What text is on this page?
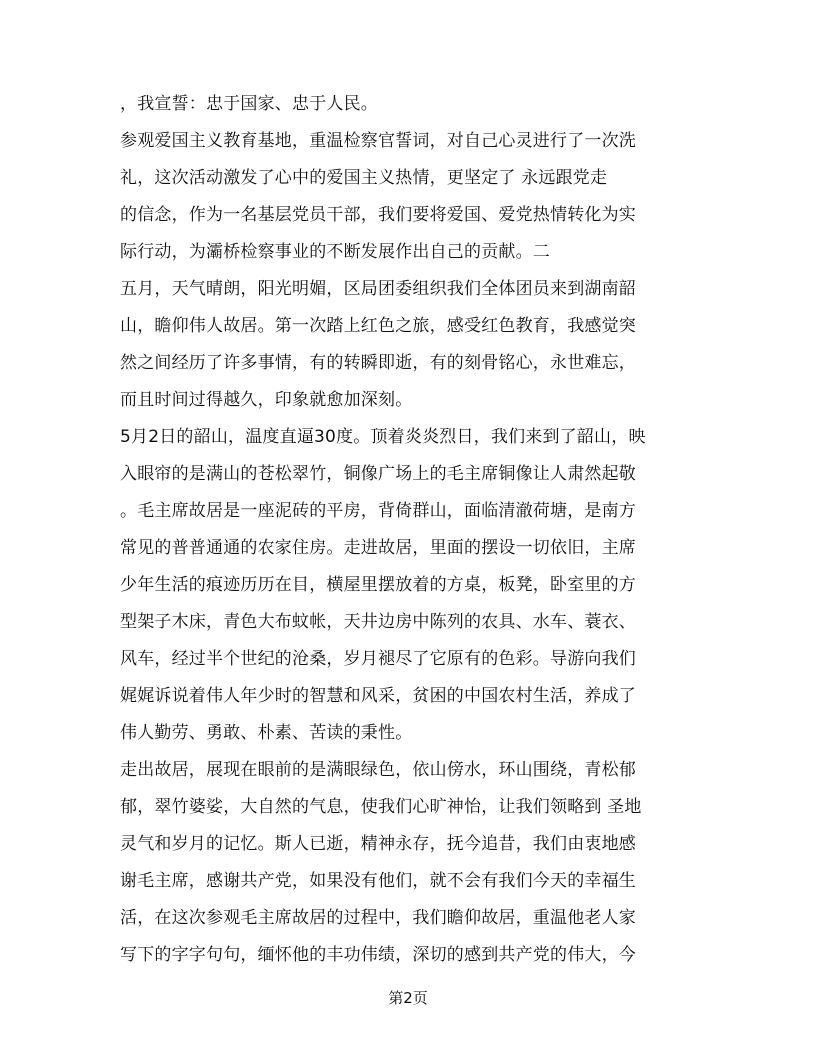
，我宣誓：忠于国家、忠于人民。
参观爱国主义教育基地，重温检察官誓词，对自己心灵进行了一次洗
礼，这次活动激发了心中的爱国主义热情，更坚定了 永远跟党走
的信念，作为一名基层党员干部，我们要将爱国、爱党热情转化为实
际行动，为灞桥检察事业的不断发展作出自己的贡献。二
五月，天气晴朗，阳光明媚，区局团委组织我们全体团员来到湖南韶
山，瞻仰伟人故居。第一次踏上红色之旅，感受红色教育，我感觉突
然之间经历了许多事情，有的转瞬即逝，有的刻骨铭心，永世难忘，
而且时间过得越久，印象就愈加深刻。
5月2日的韶山，温度直逼30度。顶着炎炎烈日，我们来到了韶山，映
入眼帘的是满山的苍松翠竹，铜像广场上的毛主席铜像让人肃然起敬
。毛主席故居是一座泥砖的平房，背倚群山，面临清澈荷塘，是南方
常见的普普通通的农家住房。走进故居，里面的摆设一切依旧，主席
少年生活的痕迹历历在目，横屋里摆放着的方桌，板凳，卧室里的方
型架子木床，青色大布蚊帐，天井边房中陈列的农具、水车、蓑衣、
风车，经过半个世纪的沧桑，岁月褪尽了它原有的色彩。导游向我们
娓娓诉说着伟人年少时的智慧和风采，贫困的中国农村生活，养成了
伟人勤劳、勇敢、朴素、苦读的秉性。
走出故居，展现在眼前的是满眼绿色，依山傍水，环山围绕，青松郁
郁，翠竹婆娑，大自然的气息，使我们心旷神怡，让我们领略到 圣地
灵气和岁月的记忆。斯人已逝，精神永存，抚今追昔，我们由衷地感
谢毛主席，感谢共产党，如果没有他们，就不会有我们今天的幸福生
活，在这次参观毛主席故居的过程中，我们瞻仰故居，重温他老人家
写下的字字句句，缅怀他的丰功伟绩，深切的感到共产党的伟大，今
第2页
